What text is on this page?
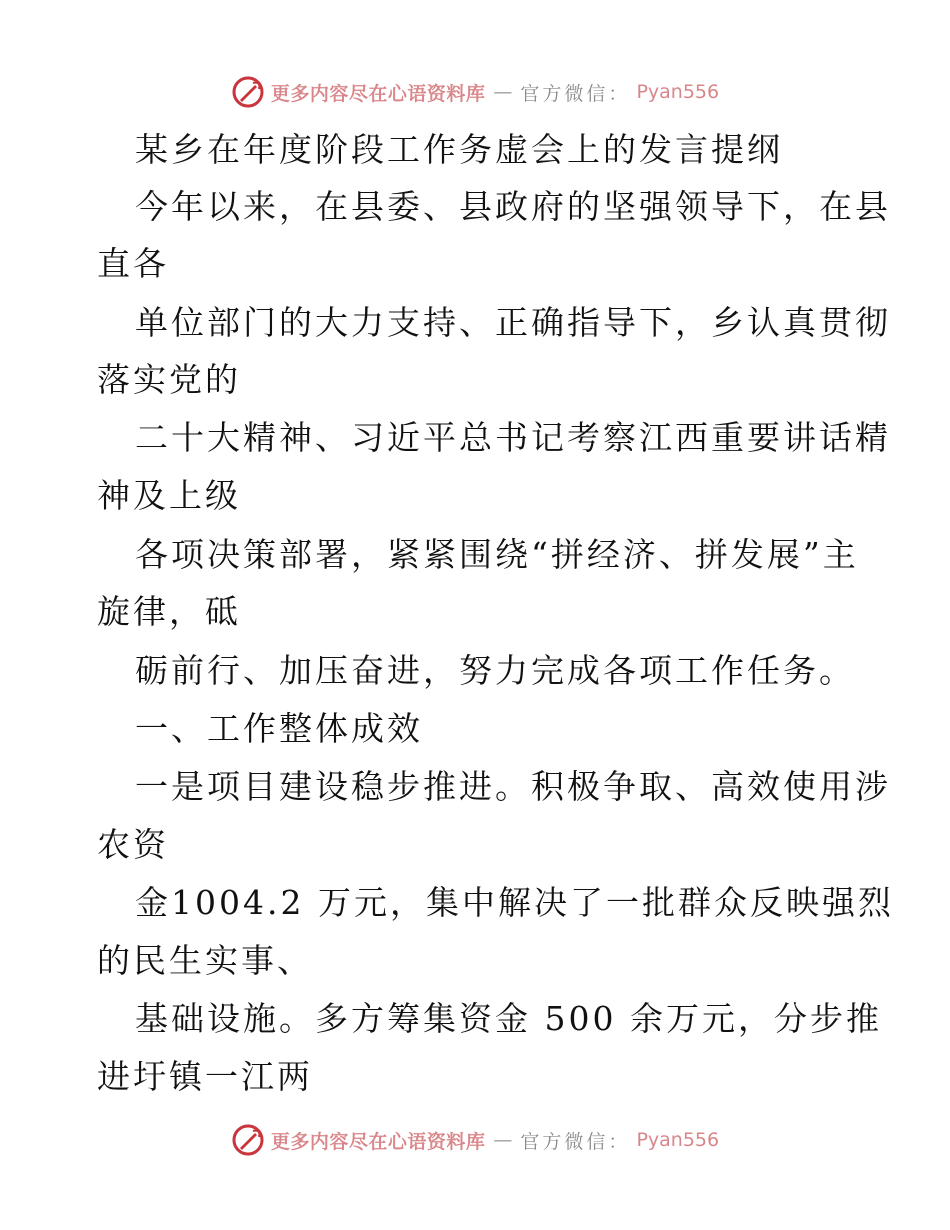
更多内容尽在心语资料库 — 官方微信： Pyan556
某乡在年度阶段工作务虚会上的发言提纲
今年以来，在县委、县政府的坚强领导下，在县
直各
单位部门的大力支持、正确指导下，乡认真贯彻
落实党的
二十大精神、习近平总书记考察江西重要讲话精
神及上级
各项决策部署，紧紧围绕“拼经济、拼发展”主
旋律，砥
砺前行、加压奋进，努力完成各项工作任务。
一、工作整体成效
一是项目建设稳步推进。积极争取、高效使用涉
农资
金1004.2 万元，集中解决了一批群众反映强烈
的民生实事、
基础设施。多方筹集资金 500 余万元，分步推
进圩镇一江两
更多内容尽在心语资料库 — 官方微信： Pyan556
